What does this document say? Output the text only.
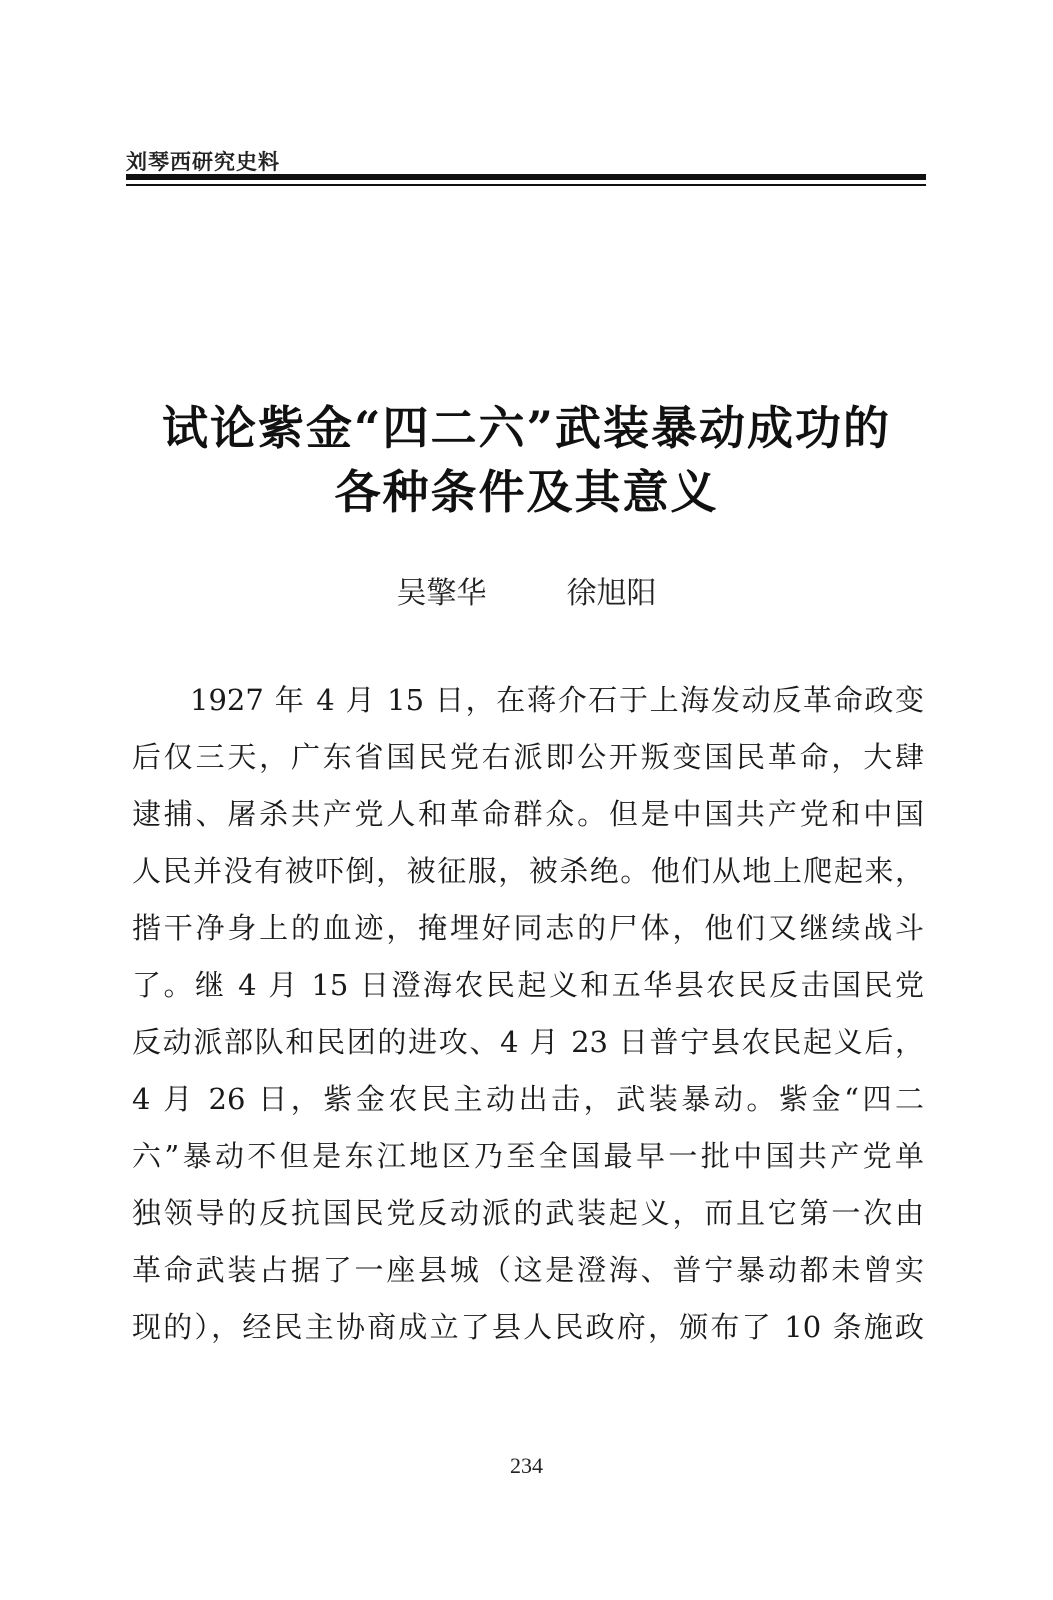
刘琴西研究史料
试论紫金“四二六”武装暴动成功的
各种条件及其意义
吴擎华	徐旭阳
1927 年 4 月 15 日，在蒋介石于上海发动反革命政变
后仅三天，广东省国民党右派即公开叛变国民革命，大肆
逮捕、屠杀共产党人和革命群众。但是中国共产党和中国
人民并没有被吓倒，被征服，被杀绝。他们从地上爬起来，
揩干净身上的血迹，掩埋好同志的尸体，他们又继续战斗
了。继 4 月 15 日澄海农民起义和五华县农民反击国民党
反动派部队和民团的进攻、4 月 23 日普宁县农民起义后，
4 月 26 日，紫金农民主动出击，武装暴动。紫金“四二
六”暴动不但是东江地区乃至全国最早一批中国共产党单
独领导的反抗国民党反动派的武装起义，而且它第一次由
革命武装占据了一座县城（这是澄海、普宁暴动都未曾实
现的），经民主协商成立了县人民政府，颁布了 10 条施政
234
